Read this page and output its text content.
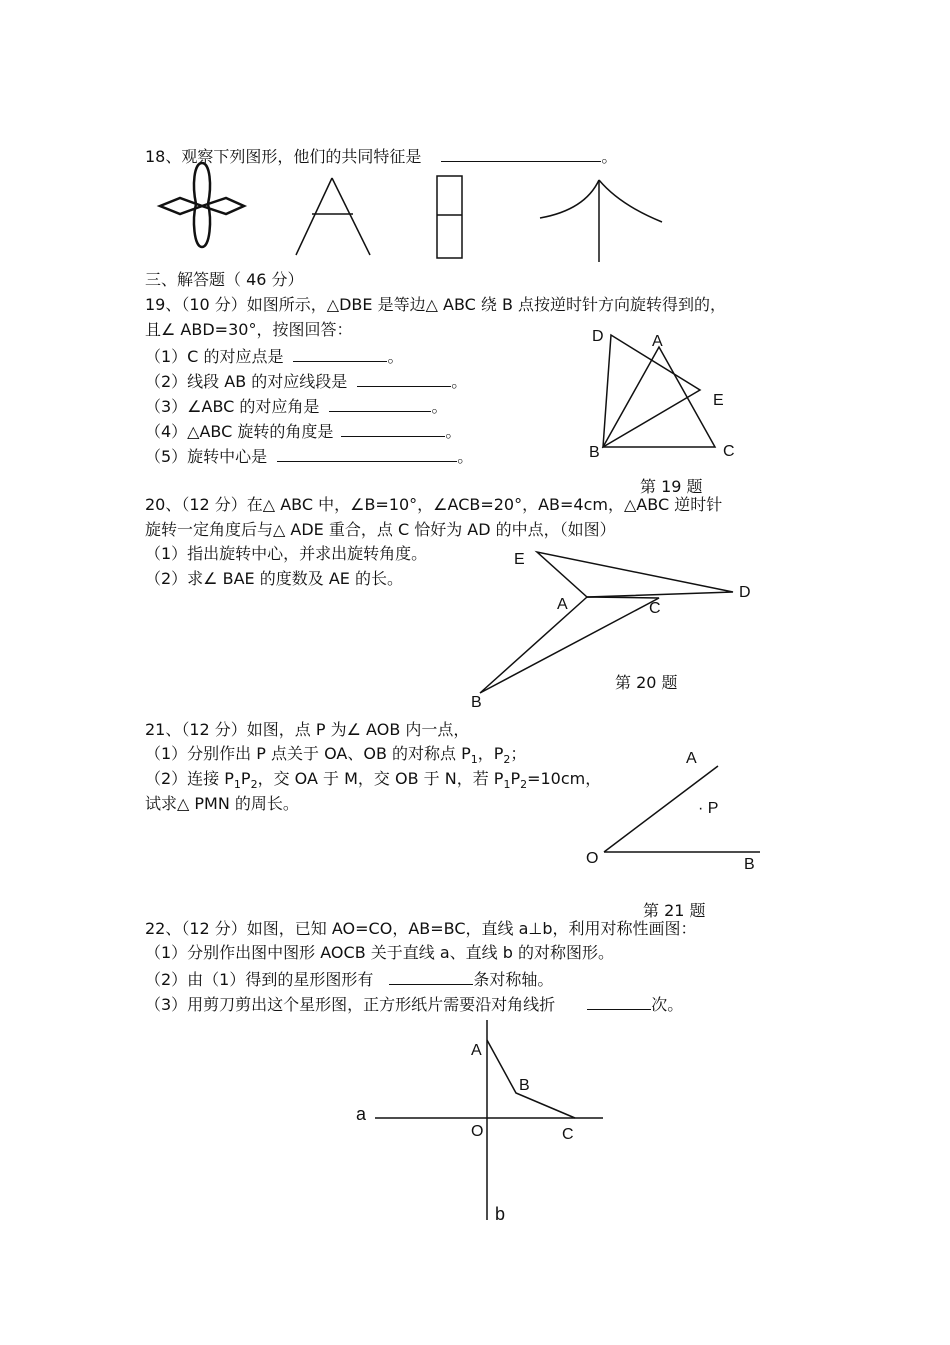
18、观察下列图形，他们的共同特征是	。
三、解答题（ 46 分）
19、（10 分）如图所示，△DBE 是等边△ ABC 绕 B 点按逆时针方向旋转得到的，
且∠ ABD=30°，按图回答：
（1）C 的对应点是	。
（2）线段 AB 的对应线段是	。
（3）∠ABC 的对应角是	。
（4）△ABC 旋转的角度是	。
（5）旋转中心是	。
D	A
E
B	C
第 19 题
20、（12 分）在△ ABC 中，∠B=10°，∠ACB=20°，AB=4cm，△ABC 逆时针
旋转一定角度后与△ ADE 重合，点 C 恰好为 AD 的中点，（如图）
（1）指出旋转中心，并求出旋转角度。
（2）求∠ BAE 的度数及 AE 的长。
E
A	C
D
B
第 20 题
21、（12 分）如图，点 P 为∠ AOB 内一点，
（1）分别作出 P 点关于 OA、OB 的对称点 $P_1$，$P_2$；
（2）连接 $P_1P_2$，交 OA 于 M，交 OB 于 N，若 $P_1P_2=10cm$，
试求△ PMN 的周长。
A
· P
O	B
第 21 题
22、（12 分）如图，已知 AO=CO，AB=BC，直线 a⊥b，利用对称性画图：
（1）分别作出图中图形 AOCB 关于直线 a、直线 b 的对称图形。
（2）由（1）得到的星形图形有	条对称轴。
（3）用剪刀剪出这个星形图，正方形纸片需要沿对角线折	次。
A
B
a
O	C
b
